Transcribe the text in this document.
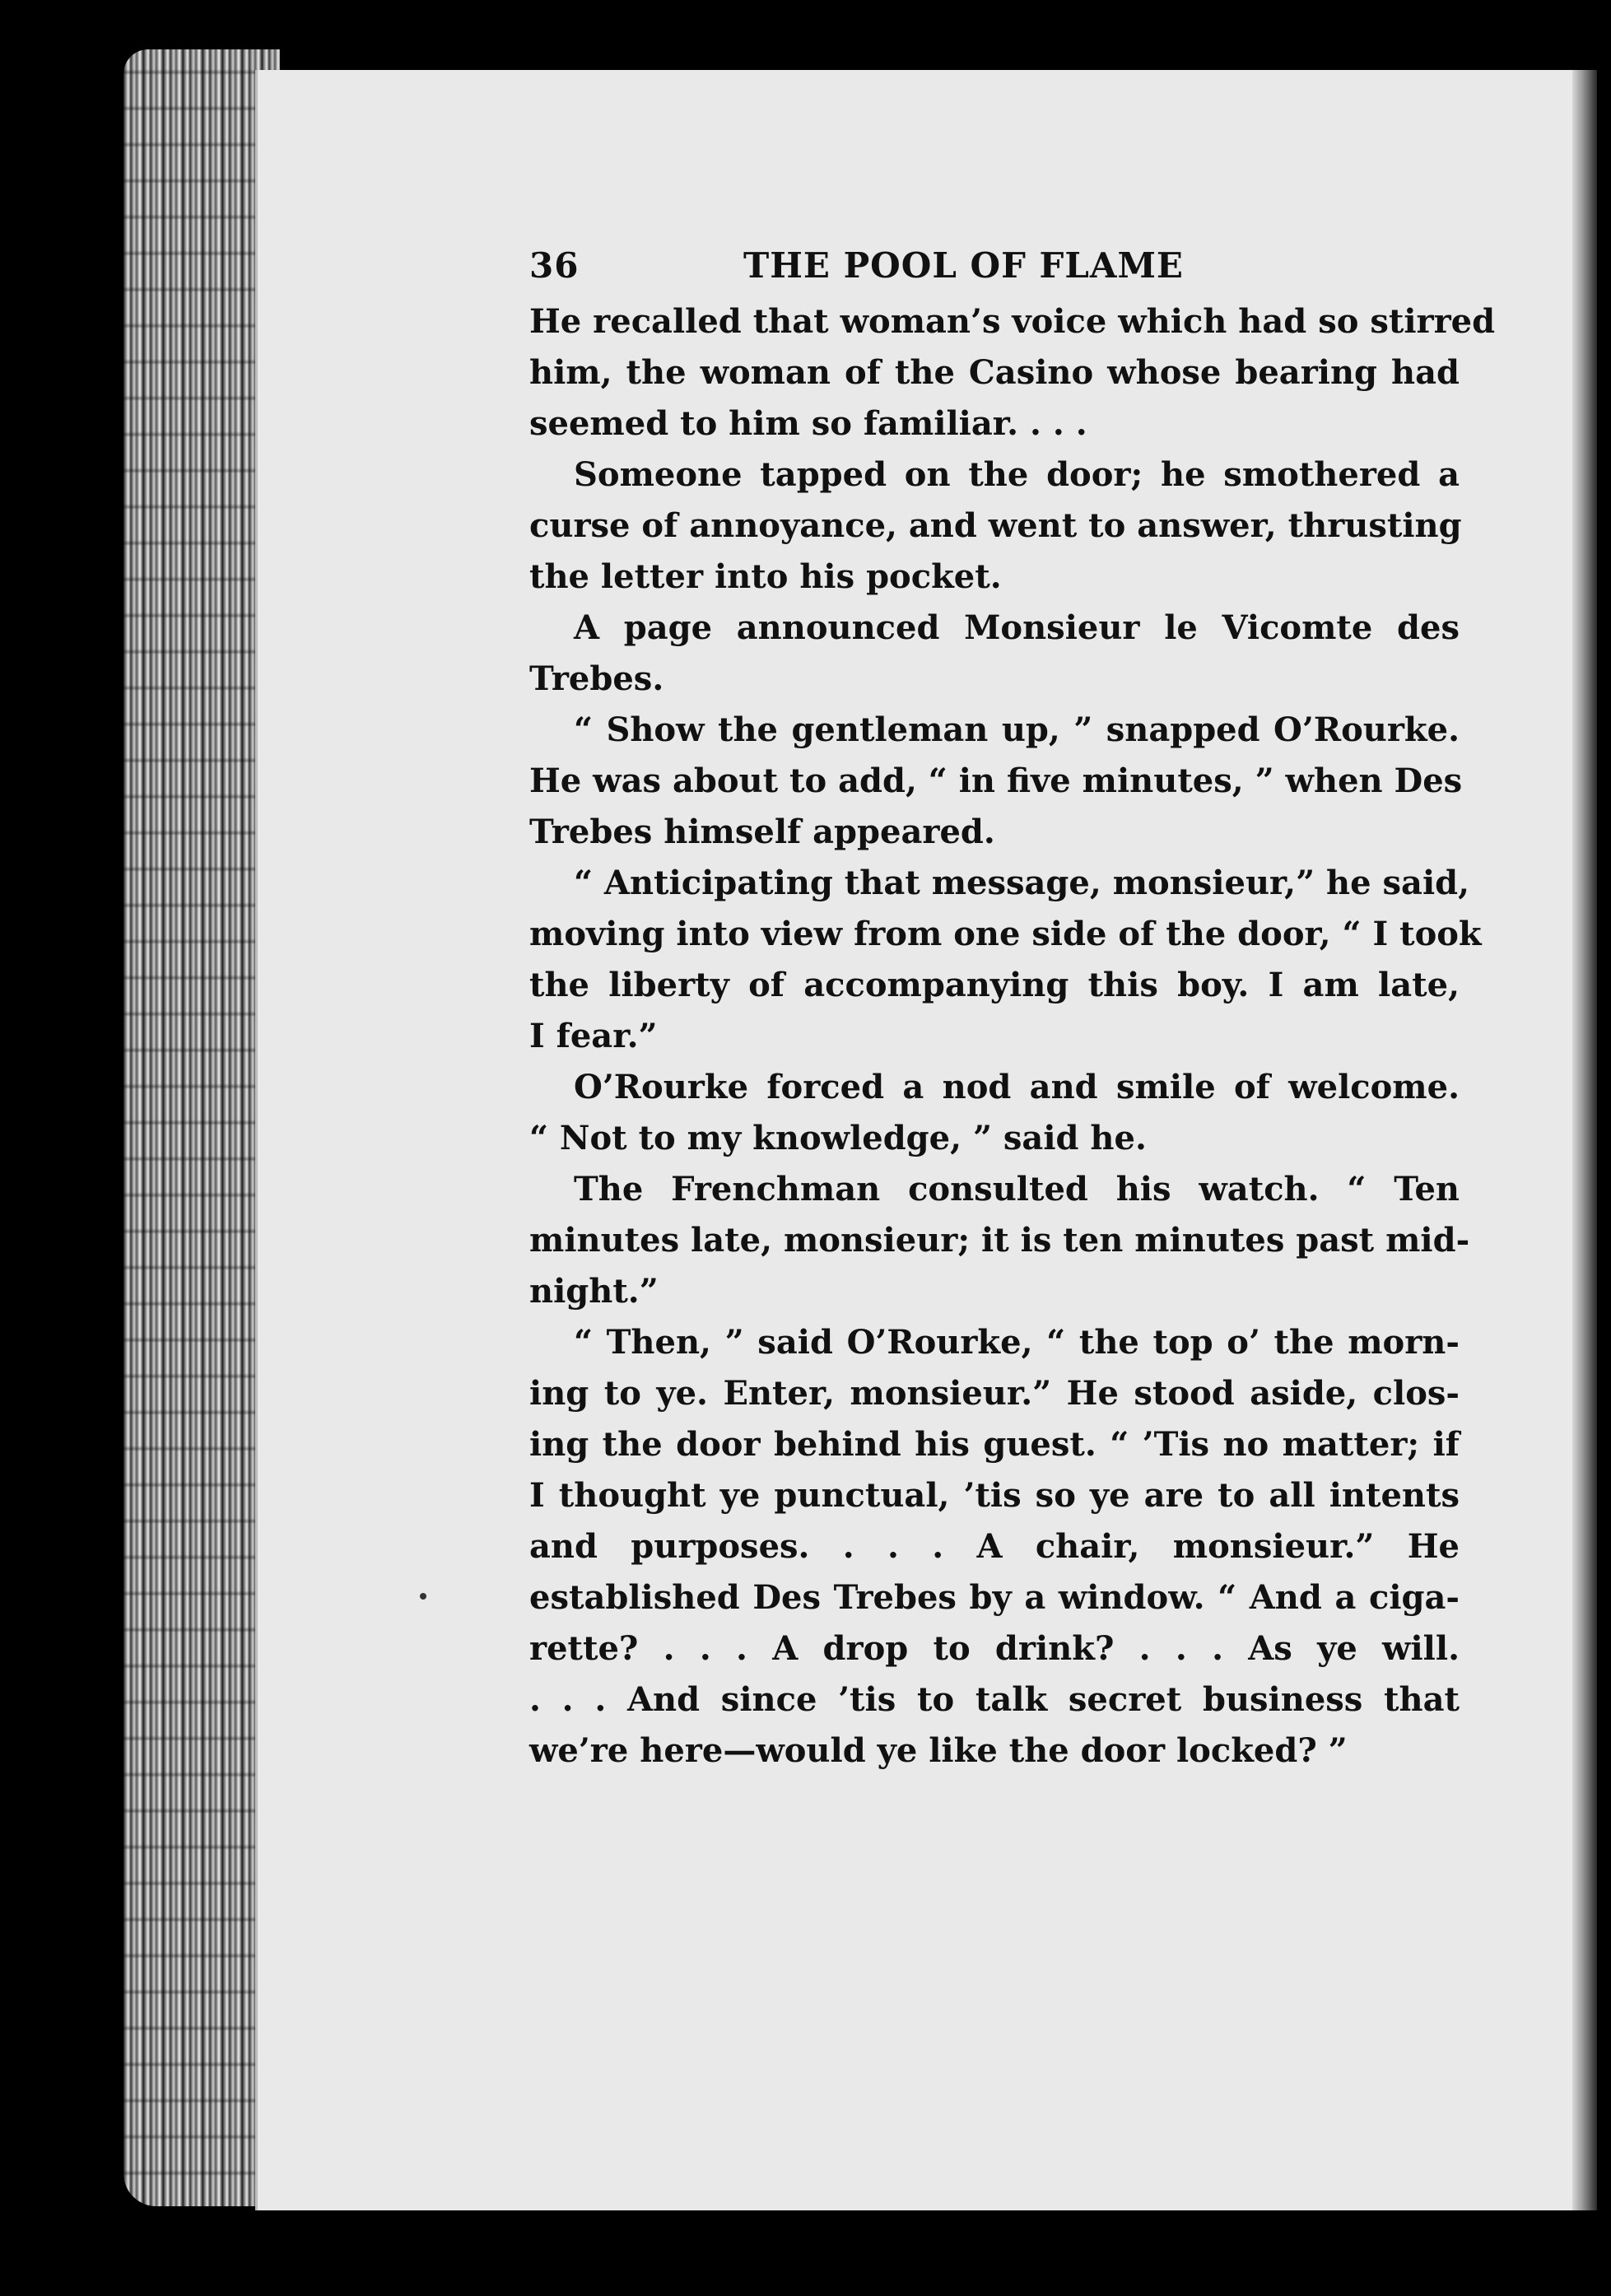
36	THE POOL OF FLAME
He recalled that woman’s voice which had so stirred
him, the woman of the Casino whose bearing had
seemed to him so familiar. . . .
Someone tapped on the door; he smothered a
curse of annoyance, and went to answer, thrusting
the letter into his pocket.
A page announced Monsieur le Vicomte des
Trebes.
“ Show the gentleman up, ” snapped O’Rourke.
He was about to add, “ in five minutes, ” when Des
Trebes himself appeared.
“ Anticipating that message, monsieur,” he said,
moving into view from one side of the door, “ I took
the liberty of accompanying this boy. I am late,
I fear.”
O’Rourke forced a nod and smile of welcome.
“ Not to my knowledge, ” said he.
The Frenchman consulted his watch. “ Ten
minutes late, monsieur; it is ten minutes past mid-
night.”
“ Then, ” said O’Rourke, “ the top o’ the morn-
ing to ye. Enter, monsieur.” He stood aside, clos-
ing the door behind his guest. “ ’Tis no matter; if
I thought ye punctual, ’tis so ye are to all intents
and purposes. . . . A chair, monsieur.” He
established Des Trebes by a window. “ And a ciga-
rette? . . . A drop to drink? . . . As ye will.
. . . And since ’tis to talk secret business that
we’re here—would ye like the door locked? ”
